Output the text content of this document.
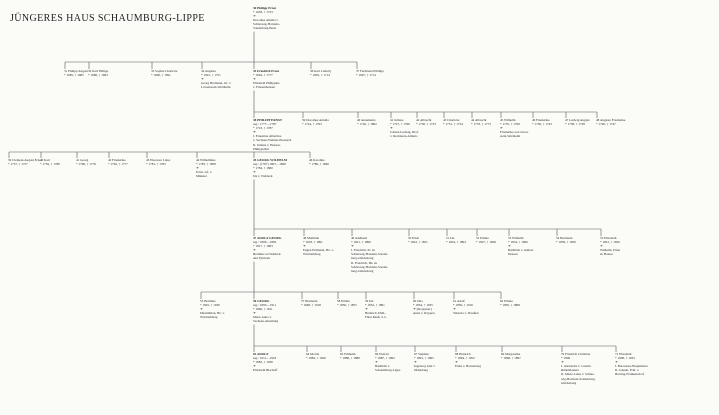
JÜNGERES HAUS SCHAUMBURG-LIPPE
30 Philipp Ernst
* 1659, † 1723
⚭
Dorothea Amalia v.
Schleswig-Holstein-
Sonderburg-Beck
31 Philipp August
* 1685, † 1685
32 Karl Philipp
* 1686, † 1693
33 Sophie Charlotte
* 1690, † 1691
34 Auguste
* 1691, † 1751
⚭
Georg Hermann, Gf. v.
Löwenstein-Wertheim
35 Friedrich Ernst
* 1694, † 1777
⚭
Elisabeth Philippine
v. Friesenhausen
36 Karl Ludwig
* 1695, † 1714
37 Ferdinand Philipp
* 1697, † 1714
38 PHILIPP ERNST
reg.: 1777—1787
* 1723, † 1787
⚭
I. Ernestine Albertine
v. Sachsen-Weimar-Eisenach
II. Juliane v. Hessen-
Philippsthal
39 Dorothea Amalia
* 1724, † 1793
40 Annemarie
* 1726, † 1802
41 Juliane
* 1727, † 1796
⚭
Johann Ludwig, RGf.
v. Rechteren-Almelo
42 Albrecht
* 1730, † 1733
43 Charlotte
* 1731, † 1734
44 Albrecht
* 1733, † 1773
45 Wilhelm
* 1735, † 1799
⚭
Friederike zu Löwen-
stein-Wertheim
46 Friederike
* 1736, † 1743
47 Ludwig August
* 1738, † 1738
48 Auguste Friederike
* 1740, † 1747
39 Clemens August Ernst
* 1757, † 1757
40 Karl
* 1759, † 1780
41 Georg
* 1760, † 1776
42 Friederike
* 1762, † 1777
43 Eleonore Luise
* 1781, † 1783
44 Wilhelmine
* 1783, † 1858
⚭
Ernst, Gf. v.
Münster
45 GEORG WILHELM
reg.: (1787) 1807—1860
* 1784, † 1860
⚭
Ida v. Waldeck
46 Karoline
* 1786, † 1846
47 ADOLF GEORG
reg.: 1860—1893
* 1817, † 1893
⚭
Hermine zu Waldeck
und Pyrmont
48 Mathilde
* 1818, † 1891
⚭
Eugen Erdmann, Hz. v.
Württemberg
49 Adelheid
* 1821, † 1899
⚭
I. Friedrich, Pr. zu
Schleswig-Holstein-Sonder-
burg-Glücksburg
II. Friedrich, Hz. zu
Schleswig-Holstein-Sonder-
burg-Glücksburg
50 Ernst
* 1822, † 1831
51 Ida
* 1824, † 1894
52 Emma
* 1827, † 1828
53 Wilhelm
* 1834, † 1906
⚭
Bathildis v. Anhalt-
Dessau
54 Hermann
* 1839, † 1839
55 Elisabeth
* 1841, † 1926
⚭
Wilhelm, Prinz
zu Hanau
55 Hermine
* 1845, † 1930
⚭
Maximilian, Hz. v.
Württemberg
56 GEORG
reg.: 1893—1911
* 1846, † 1911
⚭
Marie Anna v.
Sachsen-Altenburg
57 Hermann
* 1848, † 1918
58 Emma
* 1850, † 1855
59 Ida
* 1852, † 1891
⚭
Heinrich XXII.,
Fürst Reuß, ä. L.
60 Otto
* 1854, † 1935
⚭ (morganat.)
Anna v. Köppen
61 Adolf
* 1859, † 1916
⚭
Viktoria v. Preußen
62 Emma
* 1865, † 1868
63 ADOLF
reg.: 1911—1918
* 1883, † 1936
⚭
Elisabeth Bischoff
64 Moritz
* 1884, † 1920
65 Wilhelm
* 1886, † 1886
66 Wolrad
* 1887, † 1962
⚭
Bathildis v.
Schaumburg-Lippe
67 Stephan
* 1891, † 1965
⚭
Ingeborg Alix v.
Oldenburg
68 Heinrich
* 1894, † 1952
⚭
Erika v. Harrenberg
69 Margarethe
* 1896, † 1897
70 Friedrich Christian
* 1906
⚭
I. Alexandra v. Castell-
Rüdenhausen
II. Marie-Luise v. Schles-
wig-Holstein-Sonderburg-
Glücksburg
71 Elisabeth
* 1908, † 1933
⚭
I. Baronesse Hauptmann
II. Johann, Frhr. v.
Herring-Frankensdorf
